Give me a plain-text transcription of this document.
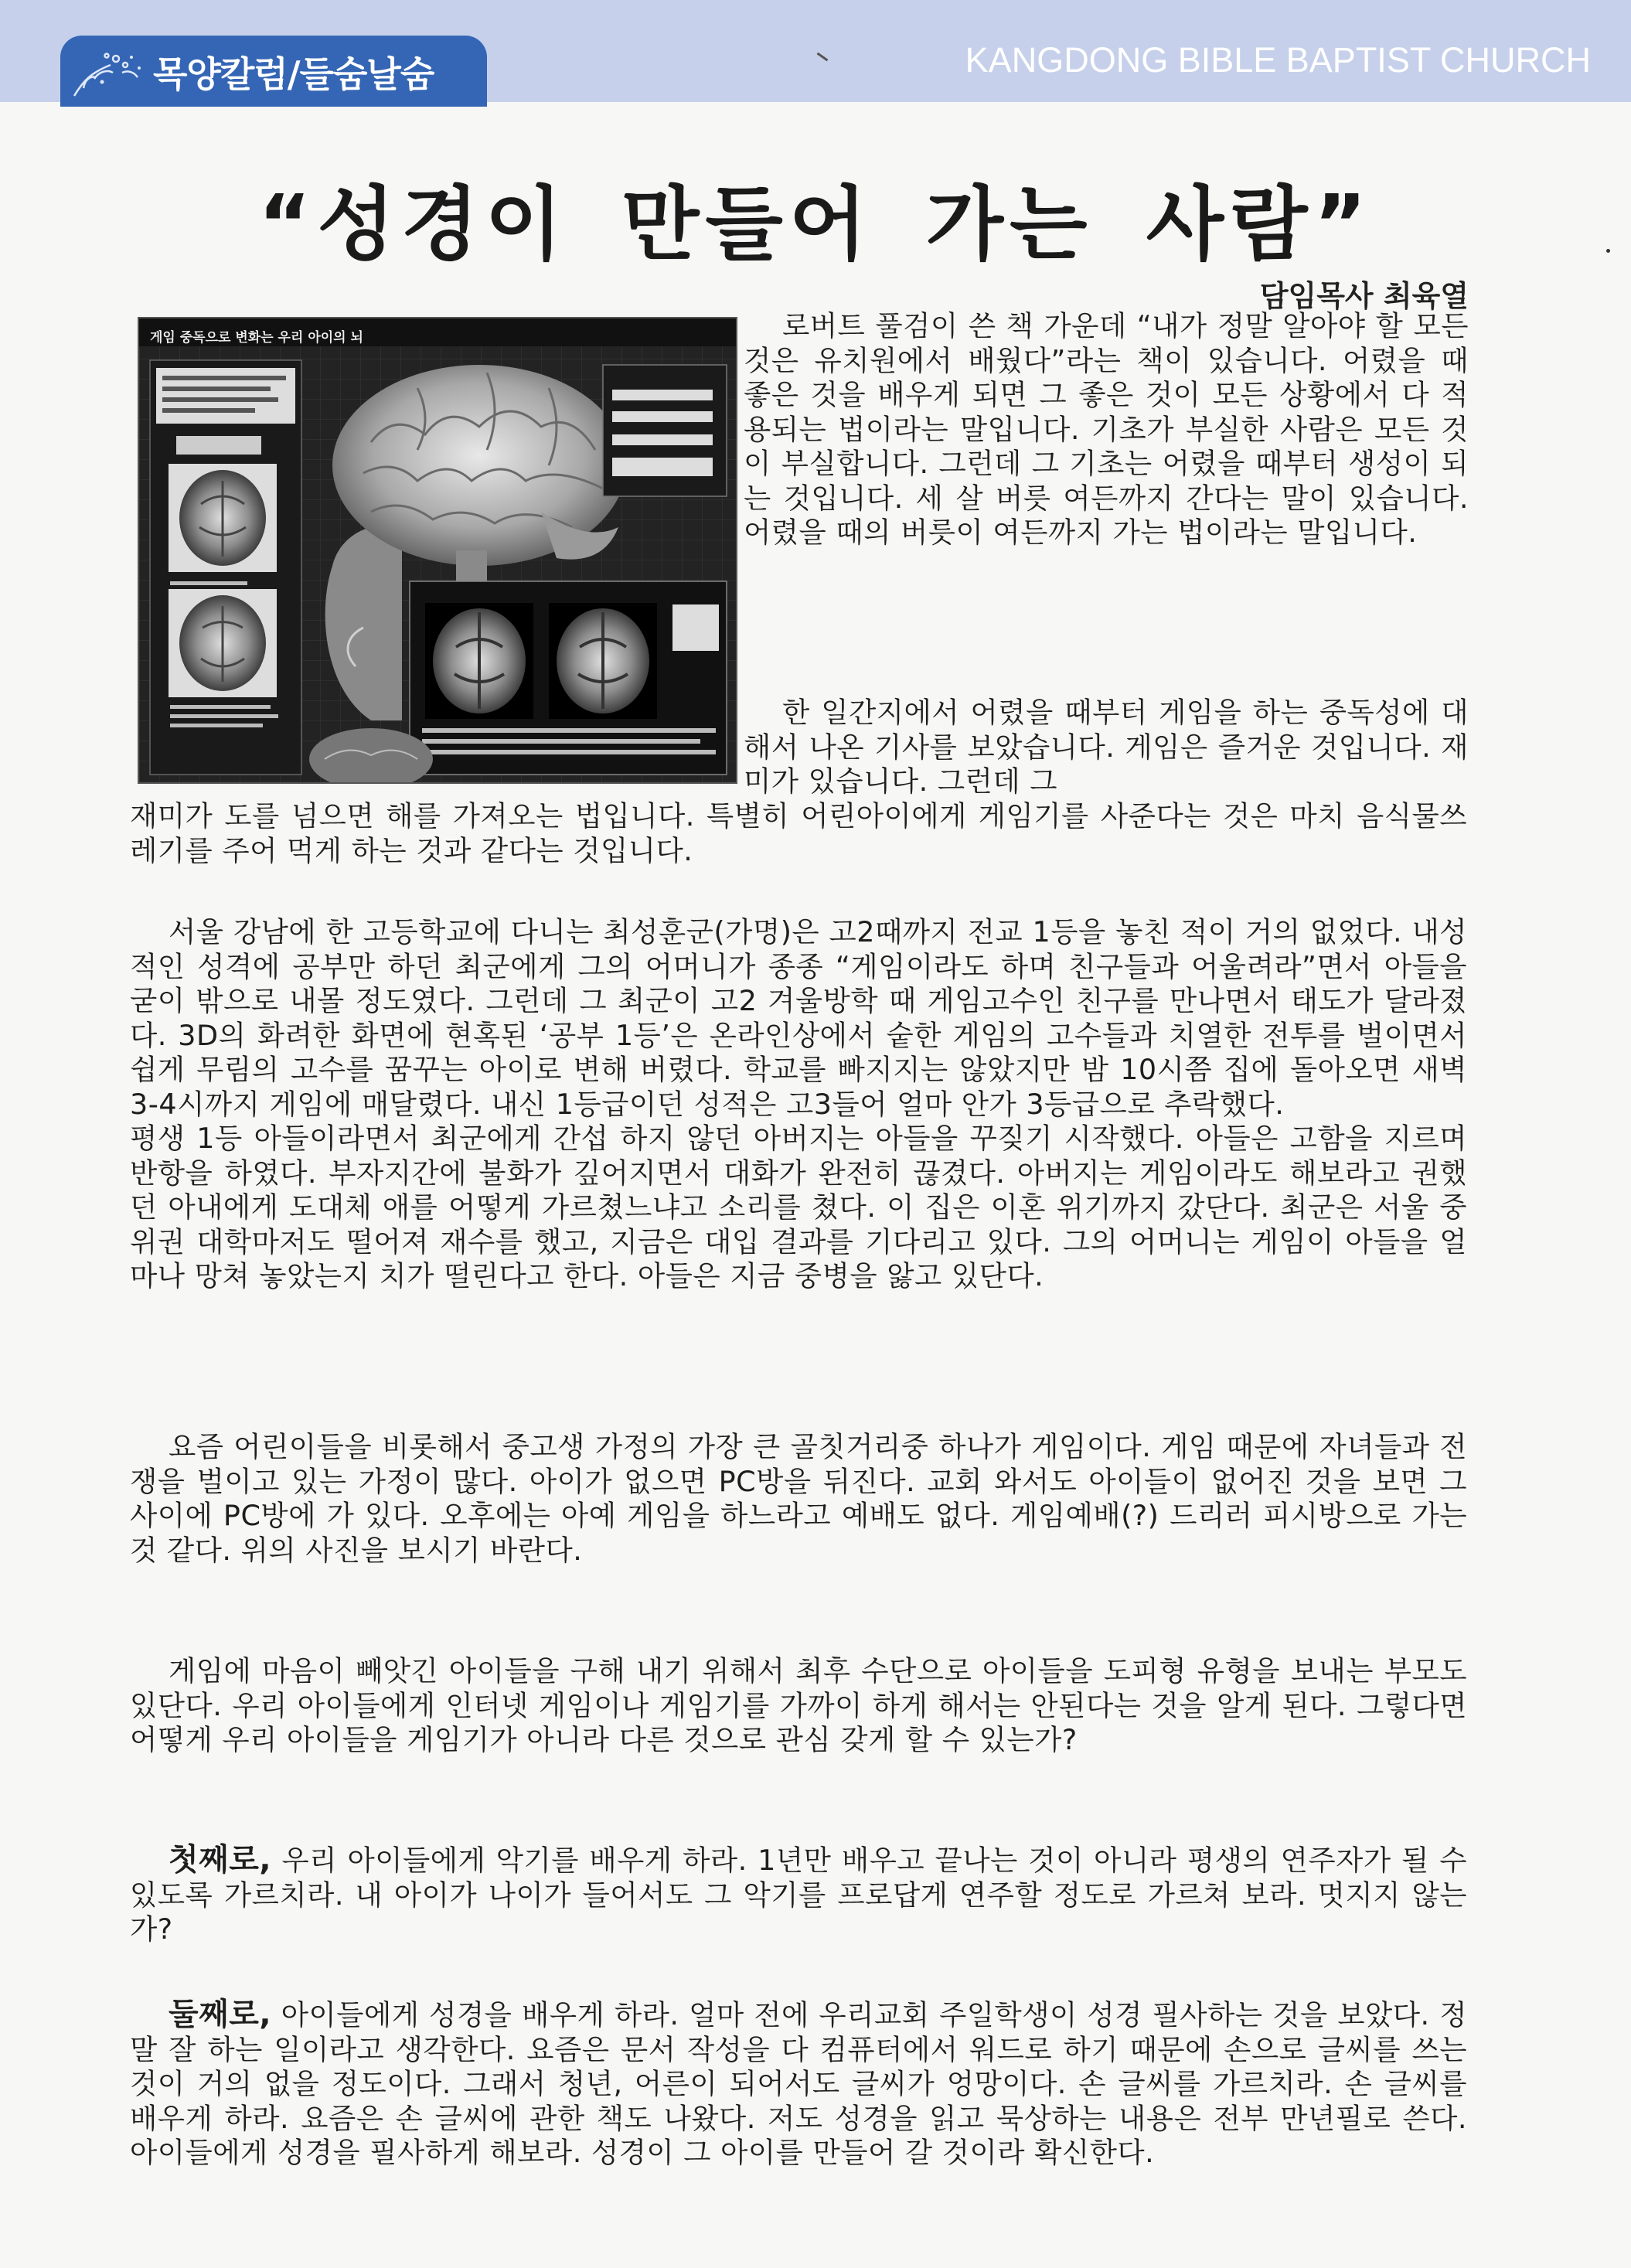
목양칼럼/들숨날숨	KANGDONG BIBLE BAPTIST CHURCH
“성경이 만들어 가는 사람”
담임목사 최육열
게임 중독으로 변화는 우리 아이의 뇌	로버트 풀검이 쓴 책 가운데 “내가 정말 알아야 할 모든 것은 유치원에서 배웠다”라는 책이 있습니다. 어렸을 때 좋은 것을 배우게 되면 그 좋은 것이 모든 상황에서 다 적용되는 법이라는 말입니다. 기초가 부실한 사람은 모든 것이 부실합니다. 그런데 그 기초는 어렸을 때부터 생성이 되는 것입니다. 세 살 버릇 여든까지 간다는 말이 있습니다. 어렸을 때의 버릇이 여든까지 가는 법이라는 말입니다.

한 일간지에서 어렸을 때부터 게임을 하는 중독성에 대해서 나온 기사를 보았습니다. 게임은 즐거운 것입니다. 재미가 있습니다. 그런데 그

재미가 도를 넘으면 해를 가져오는 법입니다. 특별히 어린아이에게 게임기를 사준다는 것은 마치 음식물쓰레기를 주어 먹게 하는 것과 같다는 것입니다.

서울 강남에 한 고등학교에 다니는 최성훈군(가명)은 고2때까지 전교 1등을 놓친 적이 거의 없었다. 내성적인 성격에 공부만 하던 최군에게 그의 어머니가 종종 “게임이라도 하며 친구들과 어울려라”면서 아들을 굳이 밖으로 내몰 정도였다. 그런데 그 최군이 고2 겨울방학 때 게임고수인 친구를 만나면서 태도가 달라졌다. 3D의 화려한 화면에 현혹된 ‘공부 1등’은 온라인상에서 숱한 게임의 고수들과 치열한 전투를 벌이면서 쉽게 무림의 고수를 꿈꾸는 아이로 변해 버렸다. 학교를 빠지지는 않았지만 밤 10시쯤 집에 돌아오면 새벽 3-4시까지 게임에 매달렸다. 내신 1등급이던 성적은 고3들어 얼마 안가 3등급으로 추락했다.

평생 1등 아들이라면서 최군에게 간섭 하지 않던 아버지는 아들을 꾸짖기 시작했다. 아들은 고함을 지르며 반항을 하였다. 부자지간에 불화가 깊어지면서 대화가 완전히 끊겼다. 아버지는 게임이라도 해보라고 권했던 아내에게 도대체 애를 어떻게 가르쳤느냐고 소리를 쳤다. 이 집은 이혼 위기까지 갔단다. 최군은 서울 중위권 대학마저도 떨어져 재수를 했고, 지금은 대입 결과를 기다리고 있다. 그의 어머니는 게임이 아들을 얼마나 망쳐 놓았는지 치가 떨린다고 한다. 아들은 지금 중병을 앓고 있단다.

요즘 어린이들을 비롯해서 중고생 가정의 가장 큰 골칫거리중 하나가 게임이다. 게임 때문에 자녀들과 전쟁을 벌이고 있는 가정이 많다. 아이가 없으면 PC방을 뒤진다. 교회 와서도 아이들이 없어진 것을 보면 그 사이에 PC방에 가 있다. 오후에는 아예 게임을 하느라고 예배도 없다. 게임예배(?) 드리러 피시방으로 가는 것 같다. 위의 사진을 보시기 바란다.

게임에 마음이 빼앗긴 아이들을 구해 내기 위해서 최후 수단으로 아이들을 도피형 유형을 보내는 부모도 있단다. 우리 아이들에게 인터넷 게임이나 게임기를 가까이 하게 해서는 안된다는 것을 알게 된다. 그렇다면 어떻게 우리 아이들을 게임기가 아니라 다른 것으로 관심 갖게 할 수 있는가?

첫째로, 우리 아이들에게 악기를 배우게 하라. 1년만 배우고 끝나는 것이 아니라 평생의 연주자가 될 수 있도록 가르치라. 내 아이가 나이가 들어서도 그 악기를 프로답게 연주할 정도로 가르쳐 보라. 멋지지 않는가?

둘째로, 아이들에게 성경을 배우게 하라. 얼마 전에 우리교회 주일학생이 성경 필사하는 것을 보았다. 정말 잘 하는 일이라고 생각한다. 요즘은 문서 작성을 다 컴퓨터에서 워드로 하기 때문에 손으로 글씨를 쓰는 것이 거의 없을 정도이다. 그래서 청년, 어른이 되어서도 글씨가 엉망이다. 손 글씨를 가르치라. 손 글씨를 배우게 하라. 요즘은 손 글씨에 관한 책도 나왔다. 저도 성경을 읽고 묵상하는 내용은 전부 만년필로 쓴다. 아이들에게 성경을 필사하게 해보라. 성경이 그 아이를 만들어 갈 것이라 확신한다.
